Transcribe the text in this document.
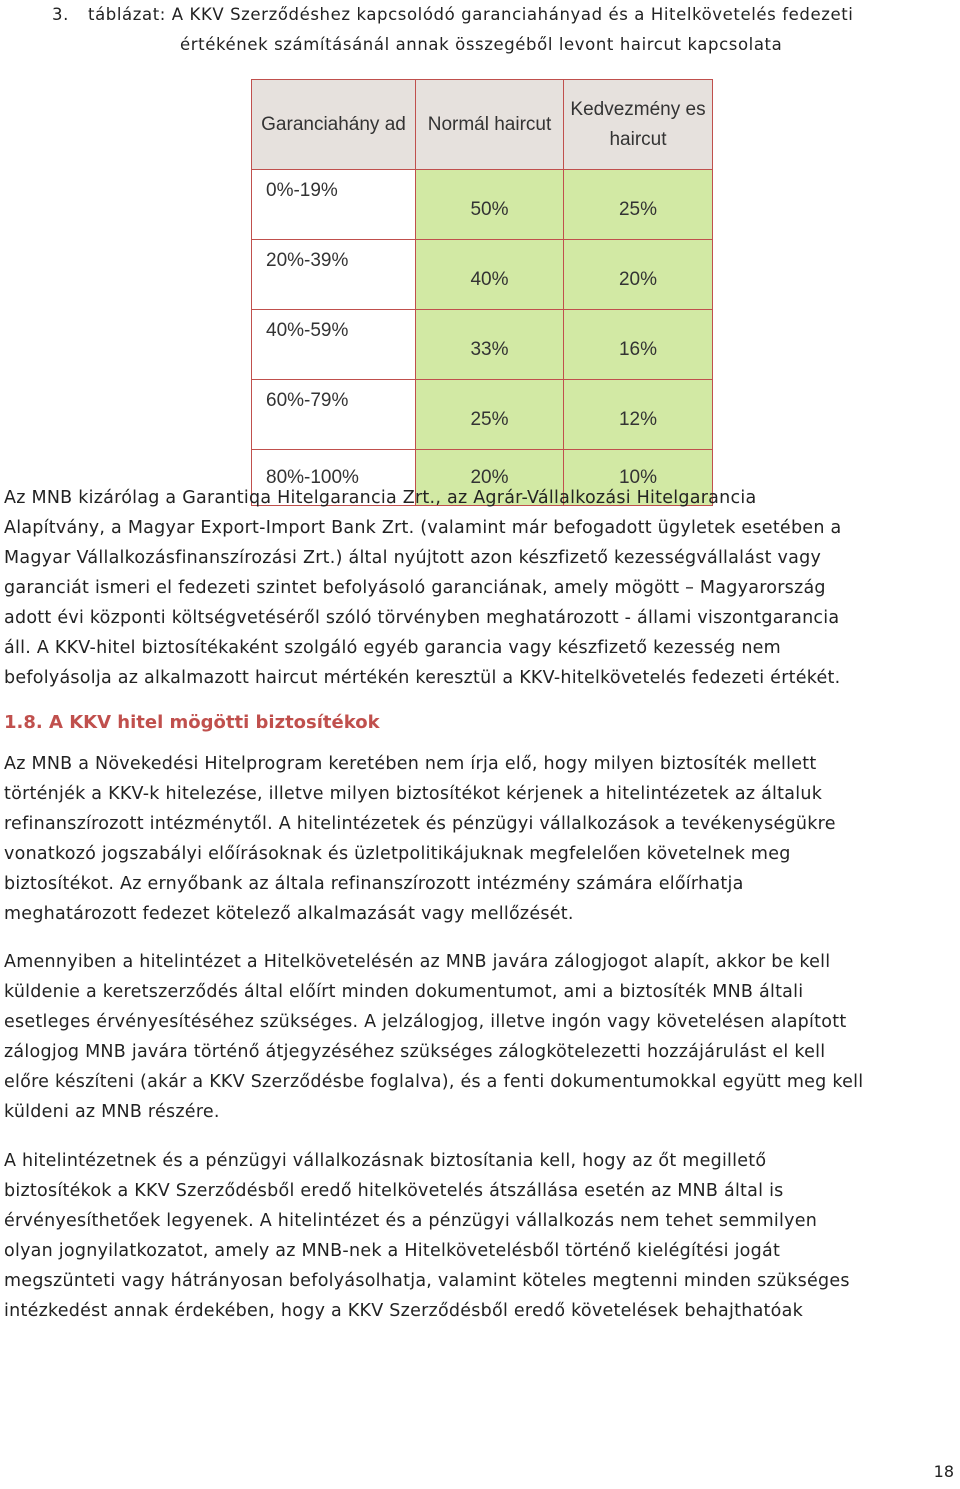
3. táblázat: A KKV Szerződéshez kapcsolódó garanciahányad és a Hitelkövetelés fedezeti
értékének számításánál annak összegéből levont haircut kapcsolata
Garanciahány ad	Normál haircut	Kedvezmény es haircut
0%-19%	50%	25%
20%-39%	40%	20%
40%-59%	33%	16%
60%-79%	25%	12%
80%-100%	20%	10%
Az MNB kizárólag a Garantiqa Hitelgarancia Zrt., az Agrár-Vállalkozási Hitelgarancia
Alapítvány, a Magyar Export-Import Bank Zrt. (valamint már befogadott ügyletek esetében a
Magyar Vállalkozásfinanszírozási Zrt.) által nyújtott azon készfizető kezességvállalást vagy
garanciát ismeri el fedezeti szintet befolyásoló garanciának, amely mögött – Magyarország
adott évi központi költségvetéséről szóló törvényben meghatározott - állami viszontgarancia
áll. A KKV-hitel biztosítékaként szolgáló egyéb garancia vagy készfizető kezesség nem
befolyásolja az alkalmazott haircut mértékén keresztül a KKV-hitelkövetelés fedezeti értékét.
1.8. A KKV hitel mögötti biztosítékok
Az MNB a Növekedési Hitelprogram keretében nem írja elő, hogy milyen biztosíték mellett
történjék a KKV-k hitelezése, illetve milyen biztosítékot kérjenek a hitelintézetek az általuk
refinanszírozott intézménytől. A hitelintézetek és pénzügyi vállalkozások a tevékenységükre
vonatkozó jogszabályi előírásoknak és üzletpolitikájuknak megfelelően követelnek meg
biztosítékot. Az ernyőbank az általa refinanszírozott intézmény számára előírhatja
meghatározott fedezet kötelező alkalmazását vagy mellőzését.
Amennyiben a hitelintézet a Hitelkövetelésén az MNB javára zálogjogot alapít, akkor be kell
küldenie a keretszerződés által előírt minden dokumentumot, ami a biztosíték MNB általi
esetleges érvényesítéséhez szükséges. A jelzálogjog, illetve ingón vagy követelésen alapított
zálogjog MNB javára történő átjegyzéséhez szükséges zálogkötelezetti hozzájárulást el kell
előre készíteni (akár a KKV Szerződésbe foglalva), és a fenti dokumentumokkal együtt meg kell
küldeni az MNB részére.
A hitelintézetnek és a pénzügyi vállalkozásnak biztosítania kell, hogy az őt megillető
biztosítékok a KKV Szerződésből eredő hitelkövetelés átszállása esetén az MNB által is
érvényesíthetőek legyenek. A hitelintézet és a pénzügyi vállalkozás nem tehet semmilyen
olyan jognyilatkozatot, amely az MNB-nek a Hitelkövetelésből történő kielégítési jogát
megszünteti vagy hátrányosan befolyásolhatja, valamint köteles megtenni minden szükséges
intézkedést annak érdekében, hogy a KKV Szerződésből eredő követelések behajthatóak
18
